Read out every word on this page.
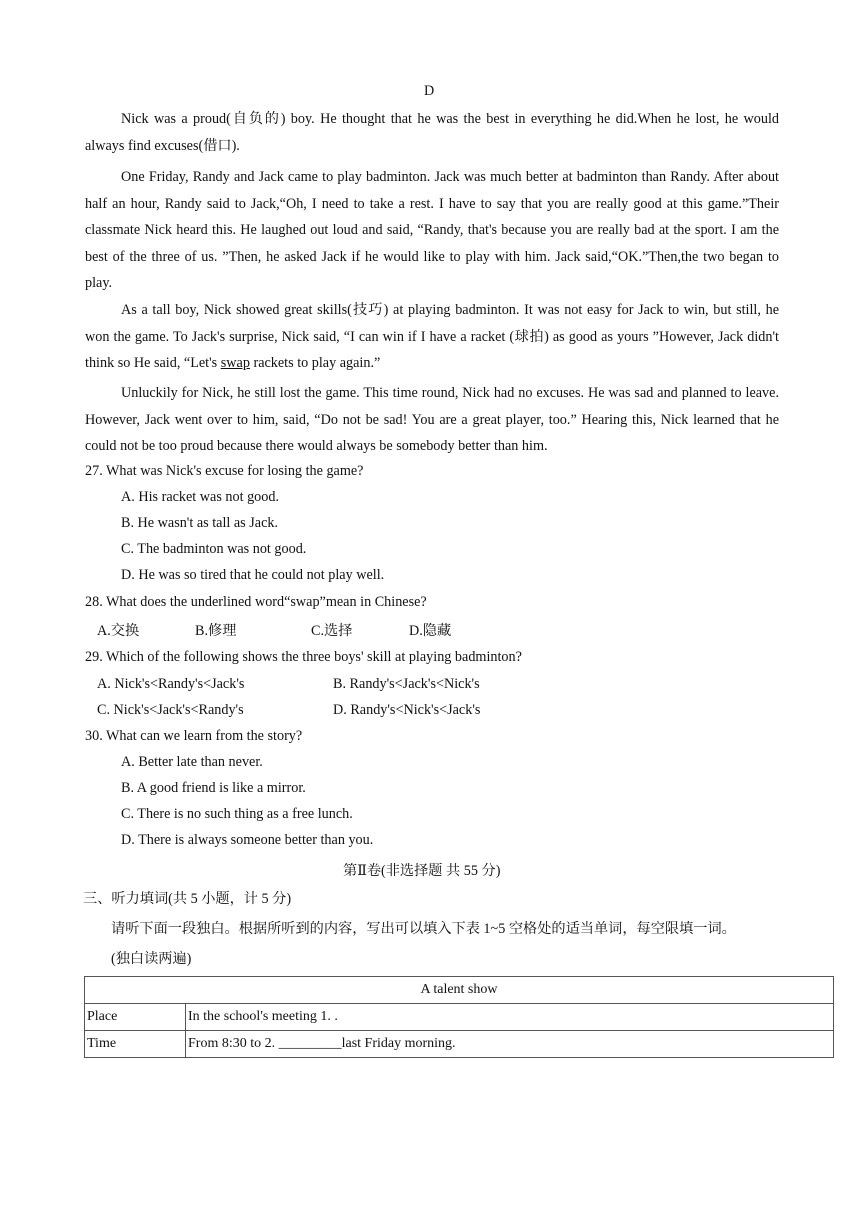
D
Nick was a proud(自负的) boy. He thought that he was the best in everything he did.When he lost, he would always find excuses(借口).
One Friday, Randy and Jack came to play badminton. Jack was much better at badminton than Randy. After about half an hour, Randy said to Jack,“Oh, I need to take a rest. I have to say that you are really good at this game.”Their classmate Nick heard this. He laughed out loud and said, “Randy, that's because you are really bad at the sport. I am the best of the three of us. ”Then, he asked Jack if he would like to play with him. Jack said,“OK.”Then,the two began to play.
As a tall boy, Nick showed great skills(技巧) at playing badminton. It was not easy for Jack to win, but still, he won the game. To Jack's surprise, Nick said, “I can win if I have a racket (球拍) as good as yours ”However, Jack didn't think so He said, “Let's swap rackets to play again.”
Unluckily for Nick, he still lost the game. This time round, Nick had no excuses. He was sad and planned to leave. However, Jack went over to him, said, “Do not be sad! You are a great player, too.” Hearing this, Nick learned that he could not be too proud because there would always be somebody better than him.
27. What was Nick's excuse for losing the game?
A. His racket was not good.
B. He wasn't as tall as Jack.
C. The badminton was not good.
D. He was so tired that he could not play well.
28. What does the underlined word“swap”mean in Chinese?
A.交换	B.修理	C.选择	D.隐藏
29. Which of the following shows the three boys' skill at playing badminton?
A. Nick's<Randy's<Jack's	B. Randy's<Jack's<Nick's
C. Nick's<Jack's<Randy's	D. Randy's<Nick's<Jack's
30. What can we learn from the story?
A. Better late than never.
B. A good friend is like a mirror.
C. There is no such thing as a free lunch.
D. There is always someone better than you.
第Ⅱ卷(非选择题 共 55 分)
三、听力填词(共 5 小题，计 5 分)
请听下面一段独白。根据所听到的内容，写出可以填入下表 1~5 空格处的适当单词，每空限填一词。
(独白读两遍)
A talent show	
Place	In the school's meeting 1. .
Time	From 8:30 to 2. _________last Friday morning.
